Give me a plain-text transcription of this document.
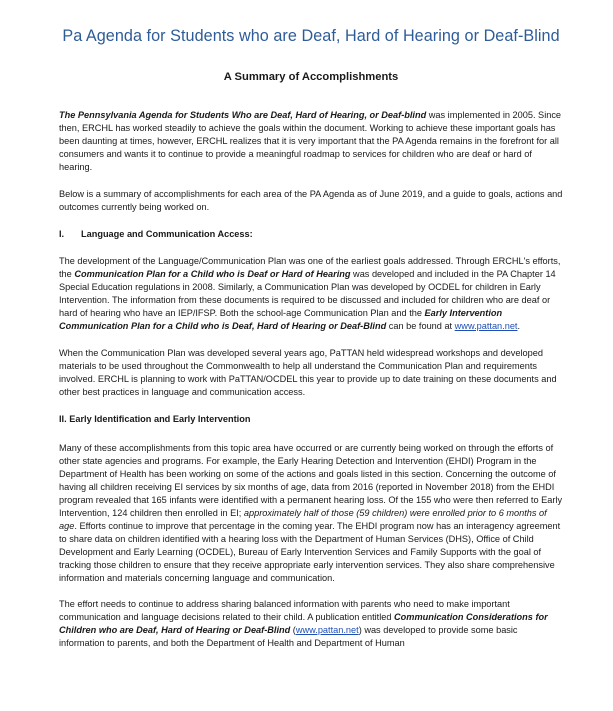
Pa Agenda for Students who are Deaf, Hard of Hearing or Deaf-Blind
A Summary of Accomplishments

The Pennsylvania Agenda for Students Who are Deaf, Hard of Hearing, or Deaf-blind was implemented in 2005. Since then, ERCHL has worked steadily to achieve the goals within the document. Working to achieve these important goals has been daunting at times, however, ERCHL realizes that it is very important that the PA Agenda remains in the forefront for all consumers and wants it to continue to provide a meaningful roadmap to services for children who are deaf or hard of hearing.

Below is a summary of accomplishments for each area of the PA Agenda as of June 2019, and a guide to goals, actions and outcomes currently being worked on.

I. Language and Communication Access:

The development of the Language/Communication Plan was one of the earliest goals addressed. Through ERCHL's efforts, the Communication Plan for a Child who is Deaf or Hard of Hearing was developed and included in the PA Chapter 14 Special Education regulations in 2008. Similarly, a Communication Plan was developed by OCDEL for children in Early Intervention. The information from these documents is required to be discussed and included for children who are deaf or hard of hearing who have an IEP/IFSP. Both the school-age Communication Plan and the Early Intervention Communication Plan for a Child who is Deaf, Hard of Hearing or Deaf-Blind can be found at www.pattan.net.

When the Communication Plan was developed several years ago, PaTTAN held widespread workshops and developed materials to be used throughout the Commonwealth to help all understand the Communication Plan and requirements involved. ERCHL is planning to work with PaTTAN/OCDEL this year to provide up to date training on these documents and other best practices in language and communication access.

II. Early Identification and Early Intervention

Many of these accomplishments from this topic area have occurred or are currently being worked on through the efforts of other state agencies and programs. For example, the Early Hearing Detection and Intervention (EHDI) Program in the Department of Health has been working on some of the actions and goals listed in this section. Concerning the outcome of having all children receiving EI services by six months of age, data from 2016 (reported in November 2018) from the EHDI program revealed that 165 infants were identified with a permanent hearing loss. Of the 155 who were then referred to Early Intervention, 124 children then enrolled in EI; approximately half of those (59 children) were enrolled prior to 6 months of age. Efforts continue to improve that percentage in the coming year. The EHDI program now has an interagency agreement to share data on children identified with a hearing loss with the Department of Human Services (DHS), Office of Child Development and Early Learning (OCDEL), Bureau of Early Intervention Services and Family Supports with the goal of tracking those children to ensure that they receive appropriate early intervention services. They also share comprehensive information and materials concerning language and communication.

The effort needs to continue to address sharing balanced information with parents who need to make important communication and language decisions related to their child. A publication entitled Communication Considerations for Children who are Deaf, Hard of Hearing or Deaf-Blind (www.pattan.net) was developed to provide some basic information to parents, and both the Department of Health and Department of Human
